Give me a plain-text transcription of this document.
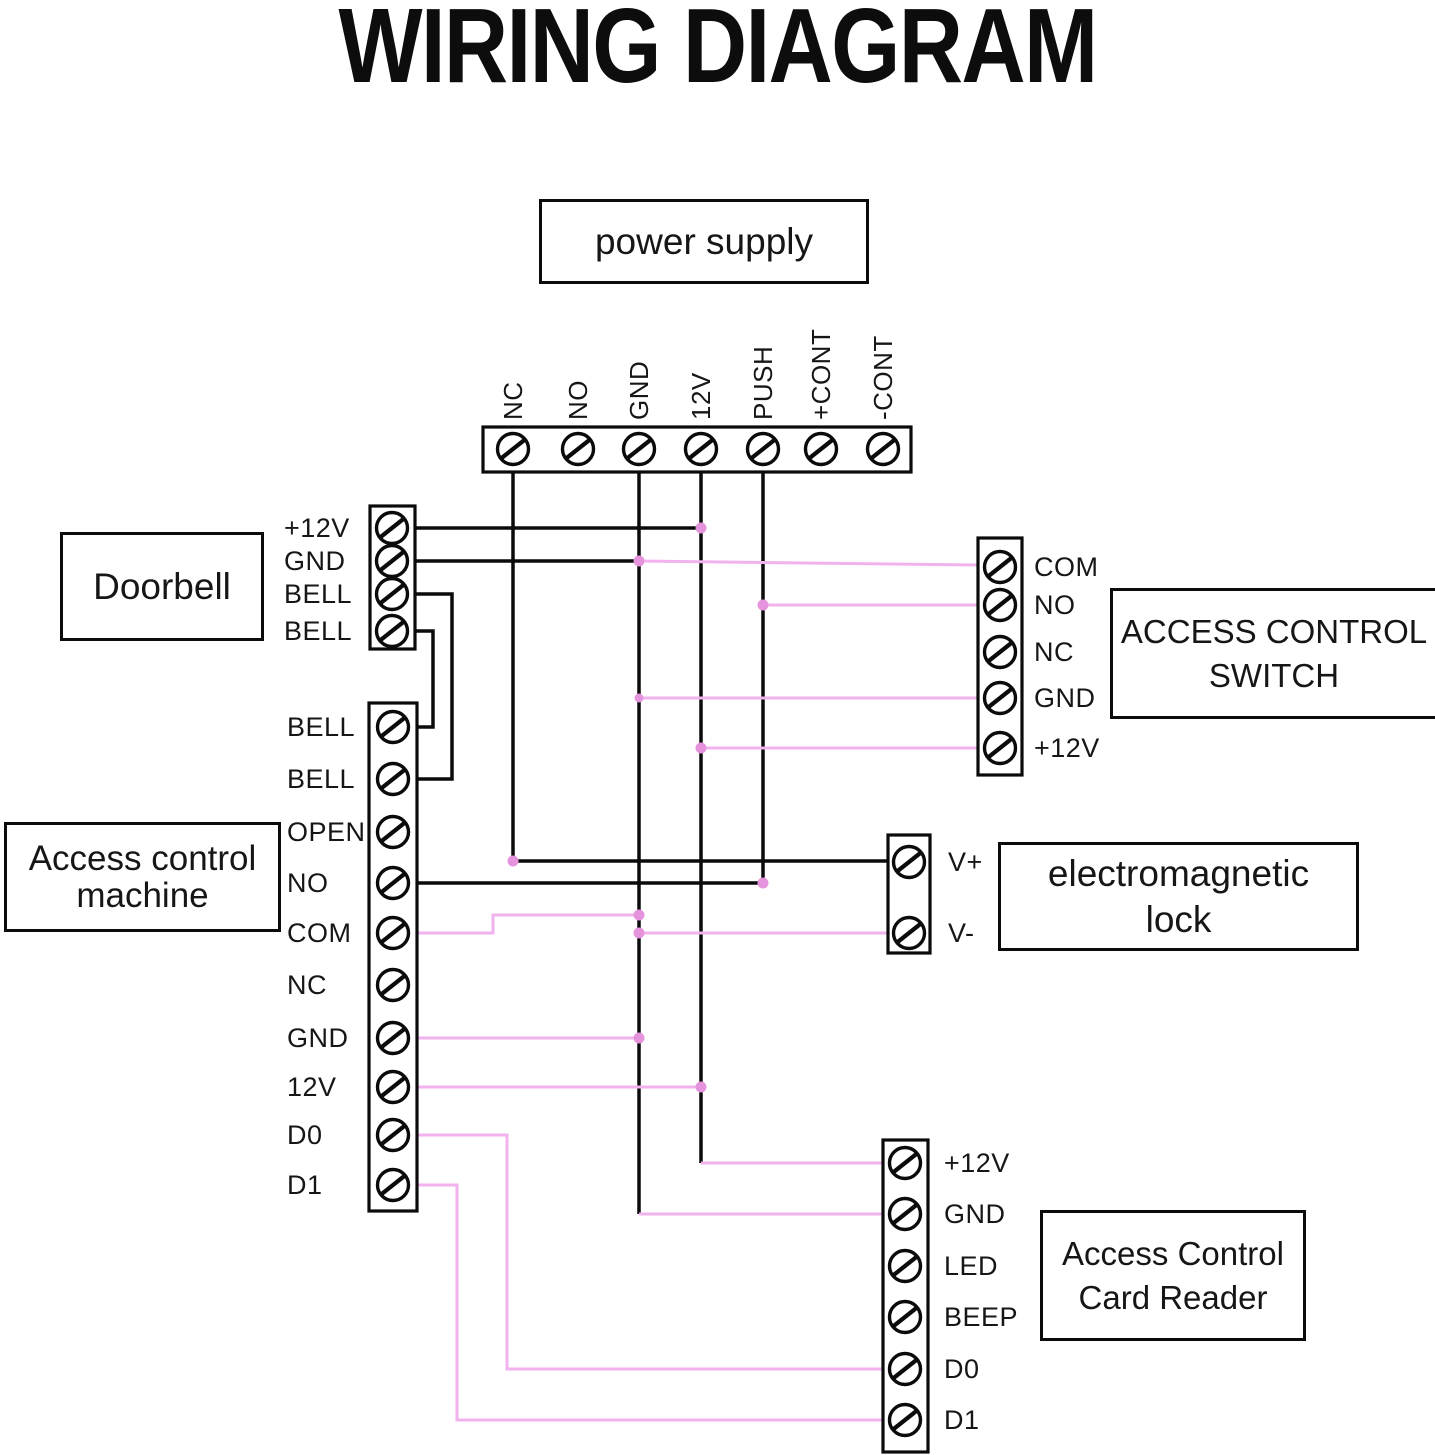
WIRING DIAGRAM
power supply
Doorbell
Access control
machine
ACCESS CONTROL
SWITCH
electromagnetic
lock
Access Control
Card Reader
NC NO GND 12V PUSH +CONT -CONT
+12V
GND
BELL
BELL
BELL
BELL
OPEN
NO
COM
NC
GND
12V
D0
D1
COM
NO
NC
GND
+12V
V+
V-
+12V
GND
LED
BEEP
D0
D1
